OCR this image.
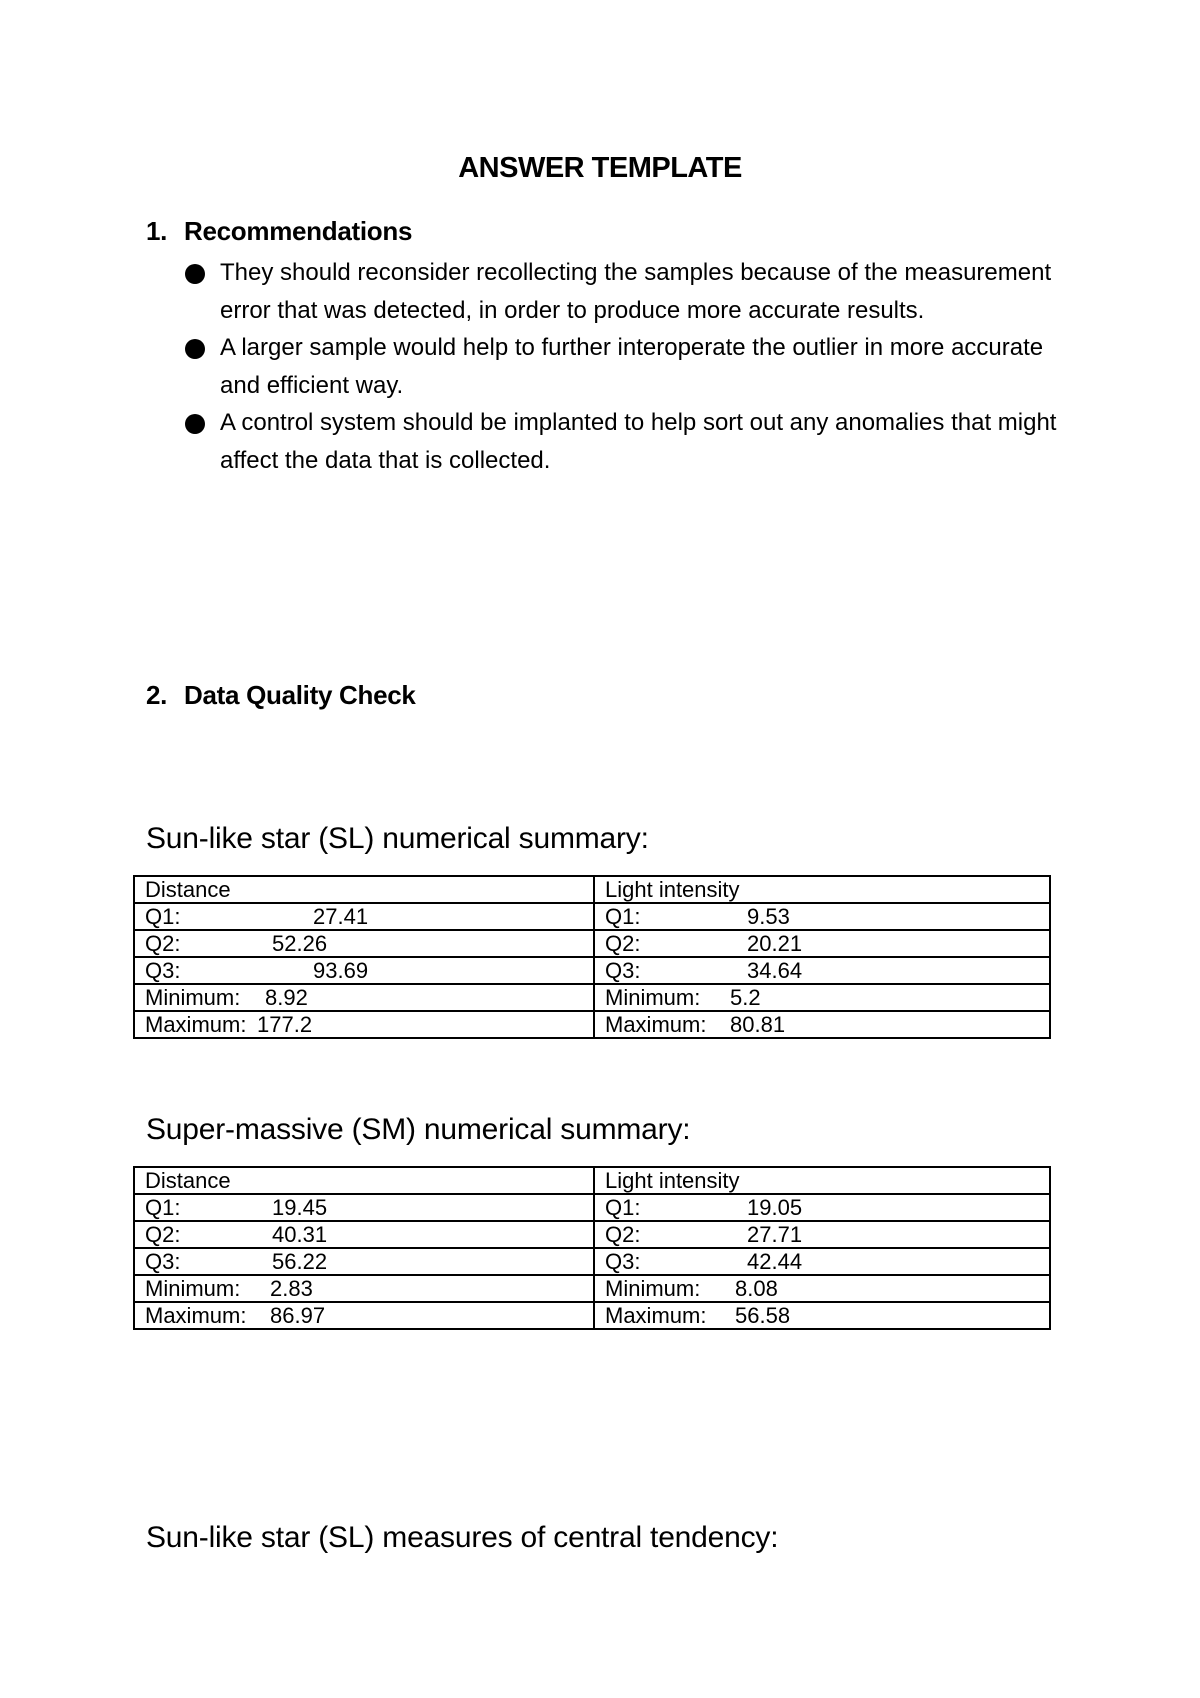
ANSWER TEMPLATE
1. Recommendations
They should reconsider recollecting the samples because of the measurement error that was detected, in order to produce more accurate results.
A larger sample would help to further interoperate the outlier in more accurate and efficient way.
A control system should be implanted to help sort out any anomalies that might affect the data that is collected.
2. Data Quality Check
Sun-like star (SL) numerical summary:
Distance	Light intensity
Q1: 27.41	Q1: 9.53
Q2: 52.26	Q2: 20.21
Q3: 93.69	Q3: 34.64
Minimum: 8.92	Minimum: 5.2
Maximum: 177.2	Maximum: 80.81
Super-massive (SM) numerical summary:
Distance	Light intensity
Q1: 19.45	Q1: 19.05
Q2: 40.31	Q2: 27.71
Q3: 56.22	Q3: 42.44
Minimum: 2.83	Minimum: 8.08
Maximum: 86.97	Maximum: 56.58
Sun-like star (SL) measures of central tendency:
